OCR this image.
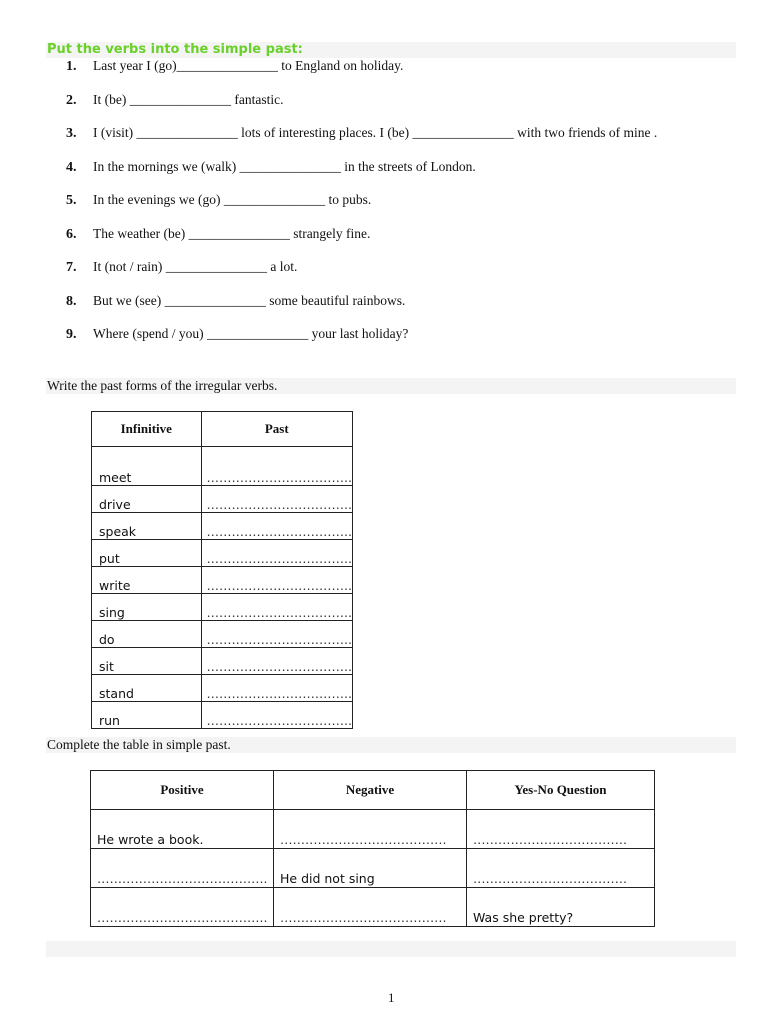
Put the verbs into the simple past:
1. Last year I (go)_______________ to England on holiday.
2. It (be) _______________ fantastic.
3. I (visit) _______________ lots of interesting places. I (be) _______________ with two friends of mine .
4. In the mornings we (walk) _______________ in the streets of London.
5. In the evenings we (go) _______________ to pubs.
6. The weather (be) _______________ strangely fine.
7. It (not / rain) _______________ a lot.
8. But we (see) _______________ some beautiful rainbows.
9. Where (spend / you) _______________ your last holiday?
Write the past forms of the irregular verbs.
Infinitive	Past
meet	……………………………..
drive	……………………………..
speak	……………………………..
put	……………………………..
write	……………………………..
sing	……………………………..
do	……………………………..
sit	……………………………..
stand	……………………………..
run	……………………………..
Complete the table in simple past.
Positive	Negative	Yes-No Question
He wrote a book.	………………………………….	……………………………….
…………………………………..	He did not sing	……………………………….
…………………………………..	………………………………….	Was she pretty?
1
